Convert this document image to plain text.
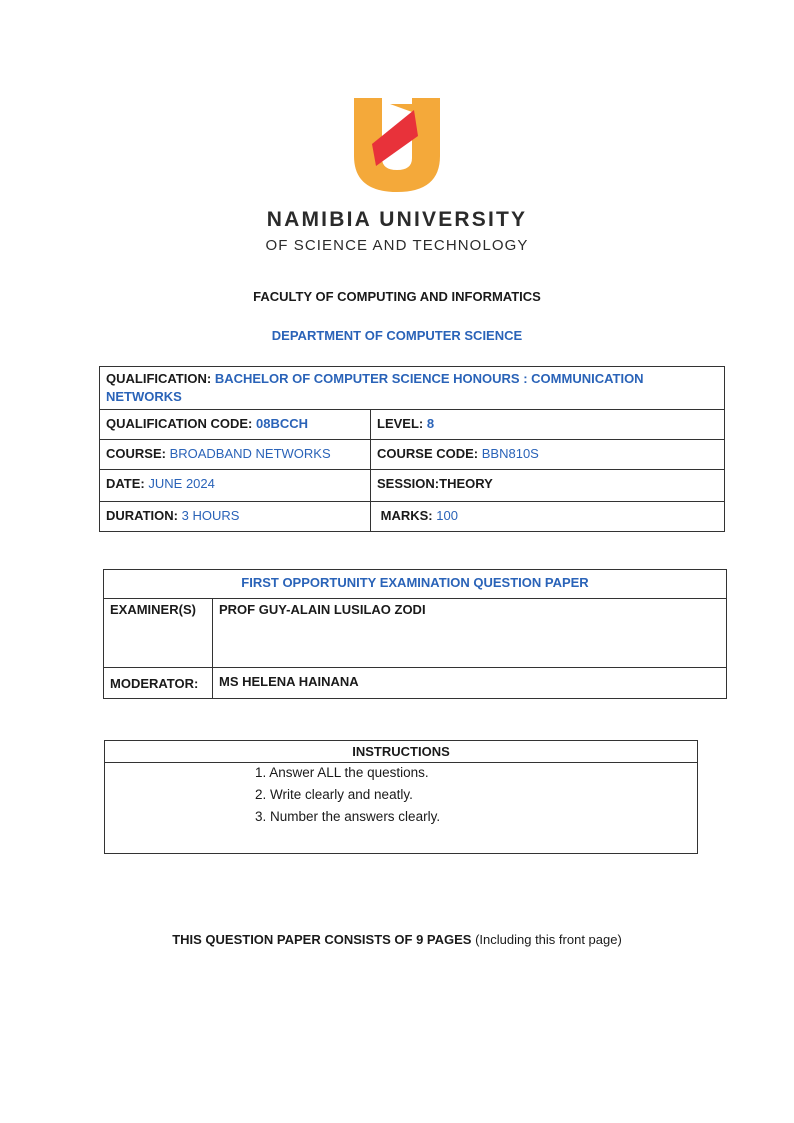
NAMIBIA UNIVERSITY
OF SCIENCE AND TECHNOLOGY
FACULTY OF COMPUTING AND INFORMATICS
DEPARTMENT OF COMPUTER SCIENCE
QUALIFICATION: BACHELOR OF COMPUTER SCIENCE HONOURS : COMMUNICATION NETWORKS	
QUALIFICATION CODE: 08BCCH	LEVEL: 8
COURSE: BROADBAND NETWORKS	COURSE CODE: BBN810S
DATE: JUNE 2024	SESSION:THEORY
DURATION: 3 HOURS	MARKS: 100
FIRST OPPORTUNITY EXAMINATION QUESTION PAPER	
EXAMINER(S)	PROF GUY-ALAIN LUSILAO ZODI
MODERATOR:	MS HELENA HAINANA
INSTRUCTIONS
1. Answer ALL the questions.
2. Write clearly and neatly.
3. Number the answers clearly.
THIS QUESTION PAPER CONSISTS OF 9 PAGES (Including this front page)
